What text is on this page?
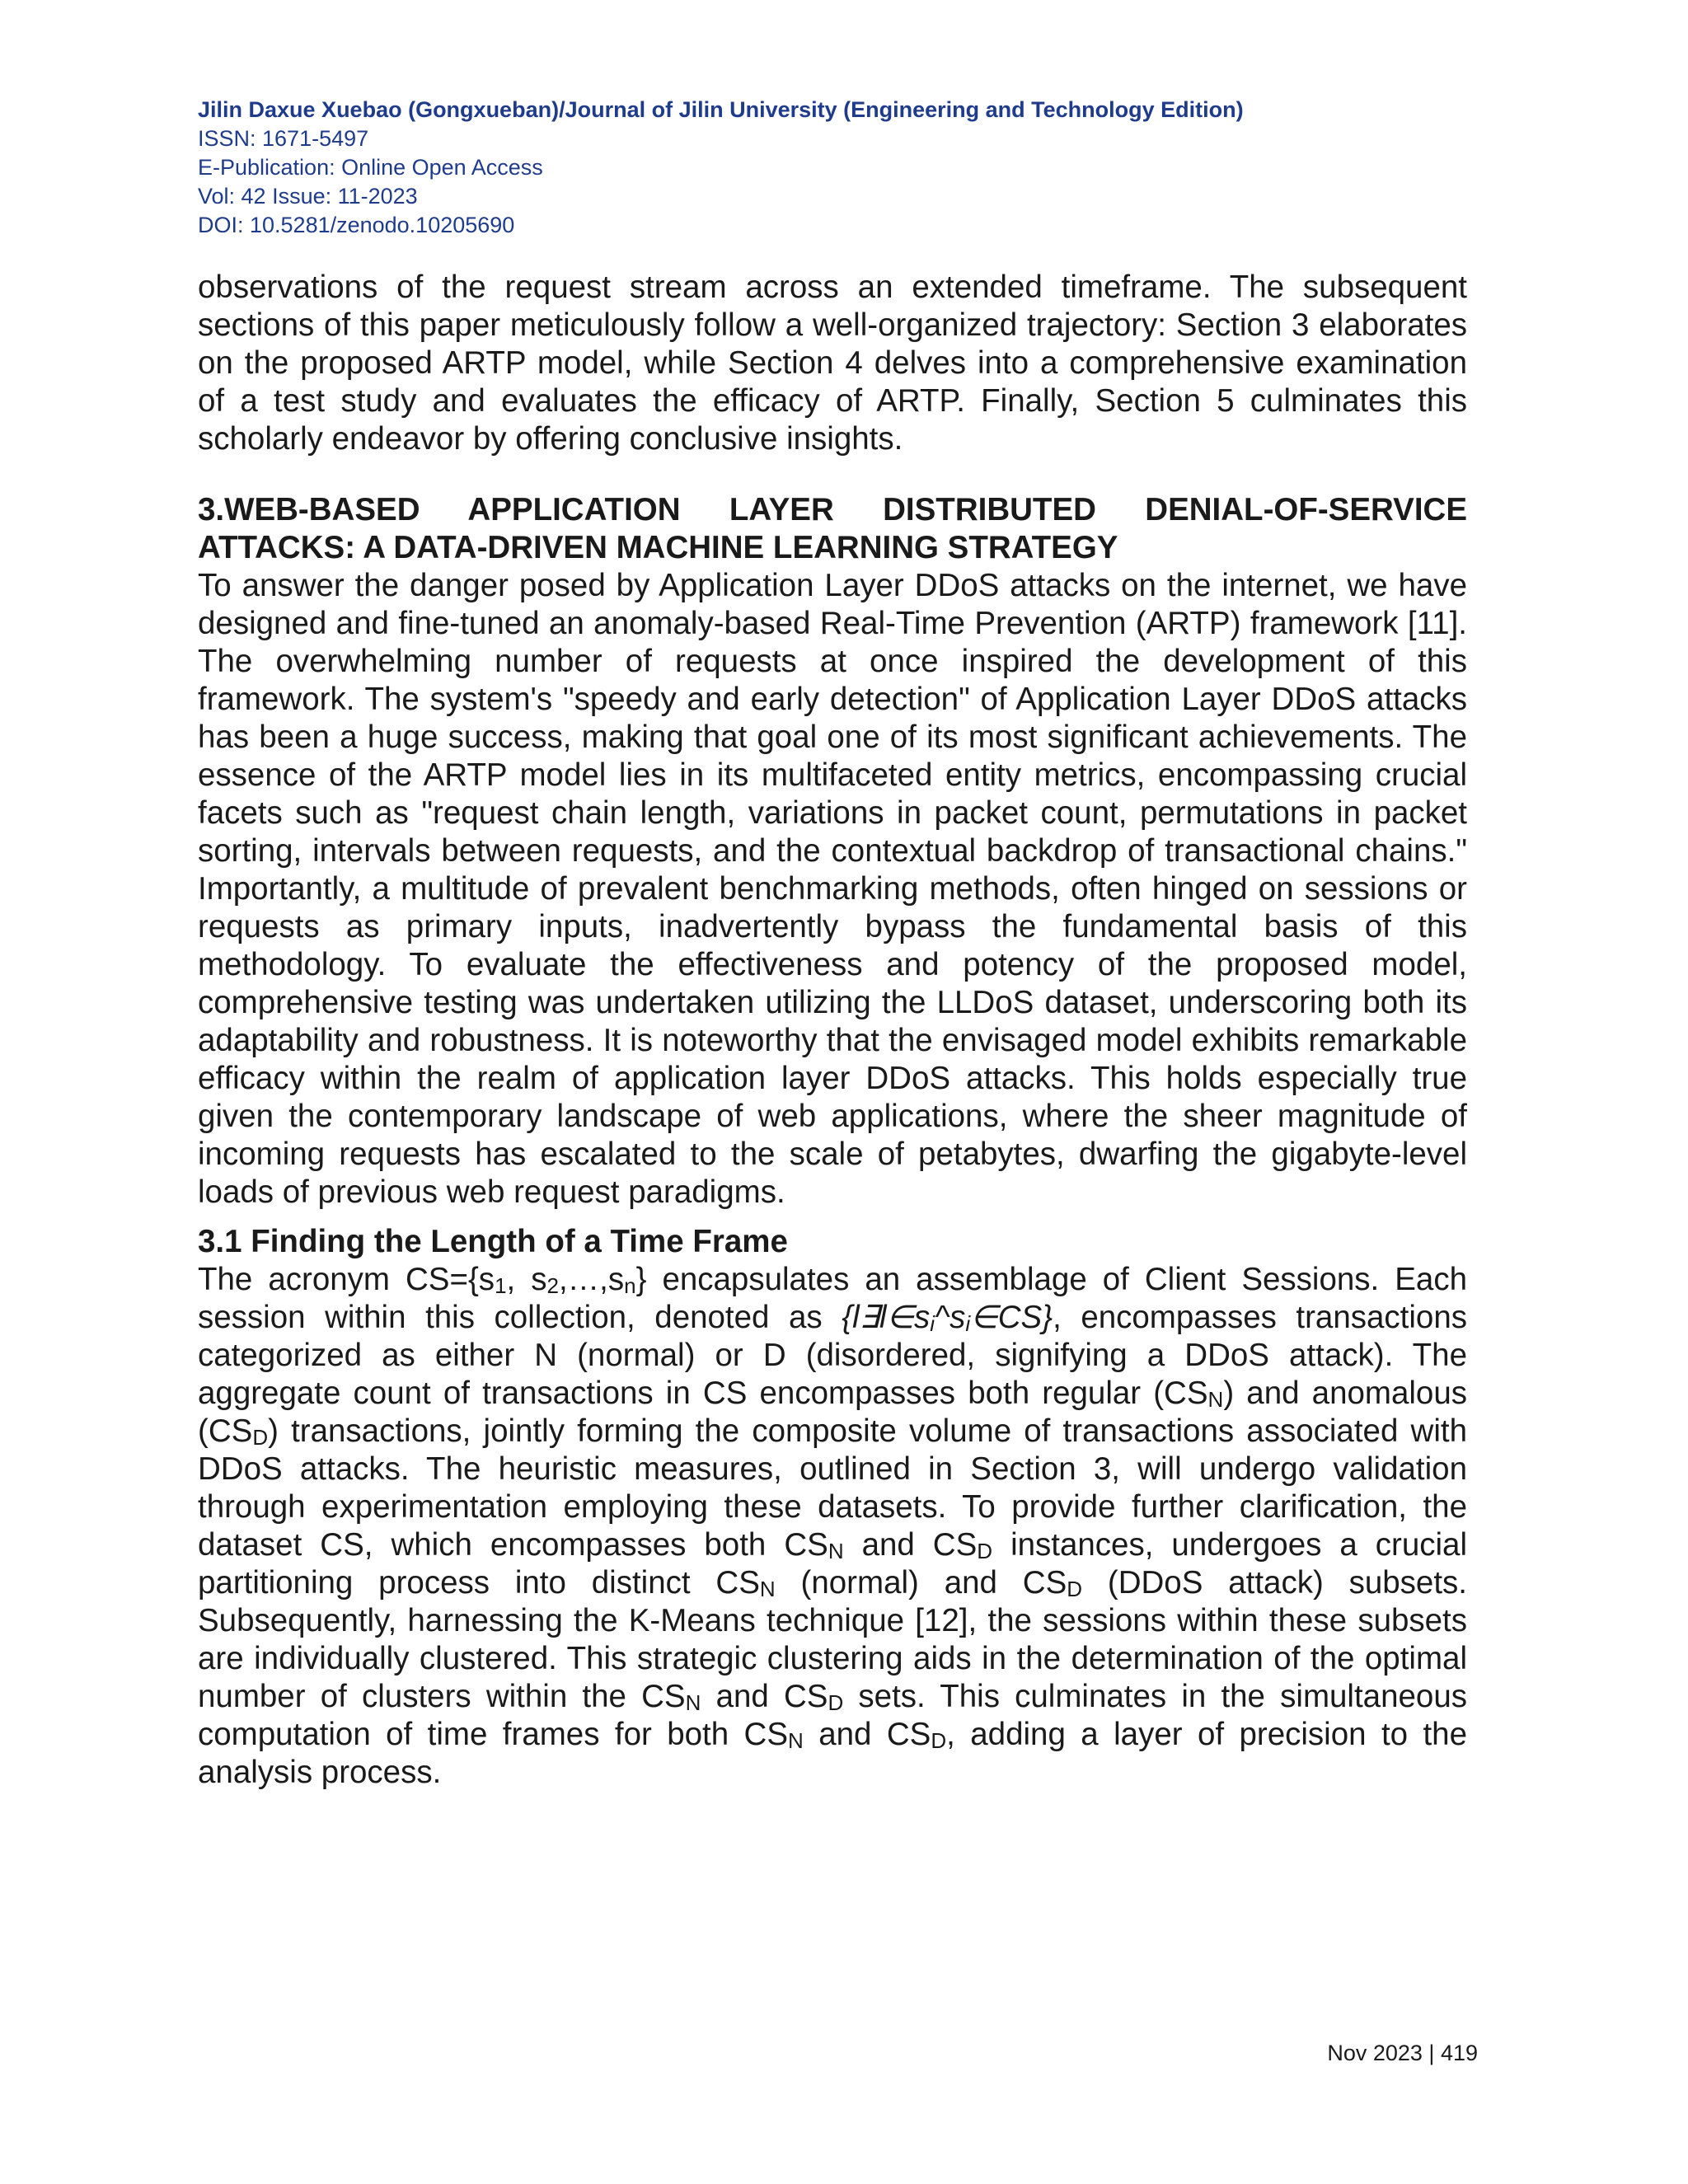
Jilin Daxue Xuebao (Gongxueban)/Journal of Jilin University (Engineering and Technology Edition)
ISSN: 1671-5497
E-Publication: Online Open Access
Vol: 42 Issue: 11-2023
DOI: 10.5281/zenodo.10205690

observations of the request stream across an extended timeframe. The subsequent sections of this paper meticulously follow a well-organized trajectory: Section 3 elaborates on the proposed ARTP model, while Section 4 delves into a comprehensive examination of a test study and evaluates the efficacy of ARTP. Finally, Section 5 culminates this scholarly endeavor by offering conclusive insights.

3.WEB-BASED APPLICATION LAYER DISTRIBUTED DENIAL-OF-SERVICE
ATTACKS: A DATA-DRIVEN MACHINE LEARNING STRATEGY

To answer the danger posed by Application Layer DDoS attacks on the internet, we have designed and fine-tuned an anomaly-based Real-Time Prevention (ARTP) framework [11]. The overwhelming number of requests at once inspired the development of this framework. The system's "speedy and early detection" of Application Layer DDoS attacks has been a huge success, making that goal one of its most significant achievements. The essence of the ARTP model lies in its multifaceted entity metrics, encompassing crucial facets such as "request chain length, variations in packet count, permutations in packet sorting, intervals between requests, and the contextual backdrop of transactional chains." Importantly, a multitude of prevalent benchmarking methods, often hinged on sessions or requests as primary inputs, inadvertently bypass the fundamental basis of this methodology. To evaluate the effectiveness and potency of the proposed model, comprehensive testing was undertaken utilizing the LLDoS dataset, underscoring both its adaptability and robustness. It is noteworthy that the envisaged model exhibits remarkable efficacy within the realm of application layer DDoS attacks. This holds especially true given the contemporary landscape of web applications, where the sheer magnitude of incoming requests has escalated to the scale of petabytes, dwarfing the gigabyte-level loads of previous web request paradigms.

3.1 Finding the Length of a Time Frame

The acronym $CS=\{s_1$, $s_2,\dots,s_n$} encapsulates an assemblage of Client Sessions. Each session within this collection, denoted as $\{l\exists l\in s_i\^{}s_i\in CS\}$, encompasses transactions categorized as either N (normal) or D (disordered, signifying a DDoS attack). The aggregate count of transactions in CS encompasses both regular $(CS_N)$ and anomalous $(CS_D)$ transactions, jointly forming the composite volume of transactions associated with DDoS attacks. The heuristic measures, outlined in Section 3, will undergo validation through experimentation employing these datasets. To provide further clarification, the dataset CS, which encompasses both $CS_N$ and $CS_D$ instances, undergoes a crucial partitioning process into distinct $CS_N$ (normal) and $CS_D$ (DDoS attack) subsets. Subsequently, harnessing the K-Means technique [12], the sessions within these subsets are individually clustered. This strategic clustering aids in the determination of the optimal number of clusters within the $CS_N$ and $CS_D$ sets. This culminates in the simultaneous computation of time frames for both $CS_N$ and $CS_D$, adding a layer of precision to the analysis process.

Nov 2023 | 419
